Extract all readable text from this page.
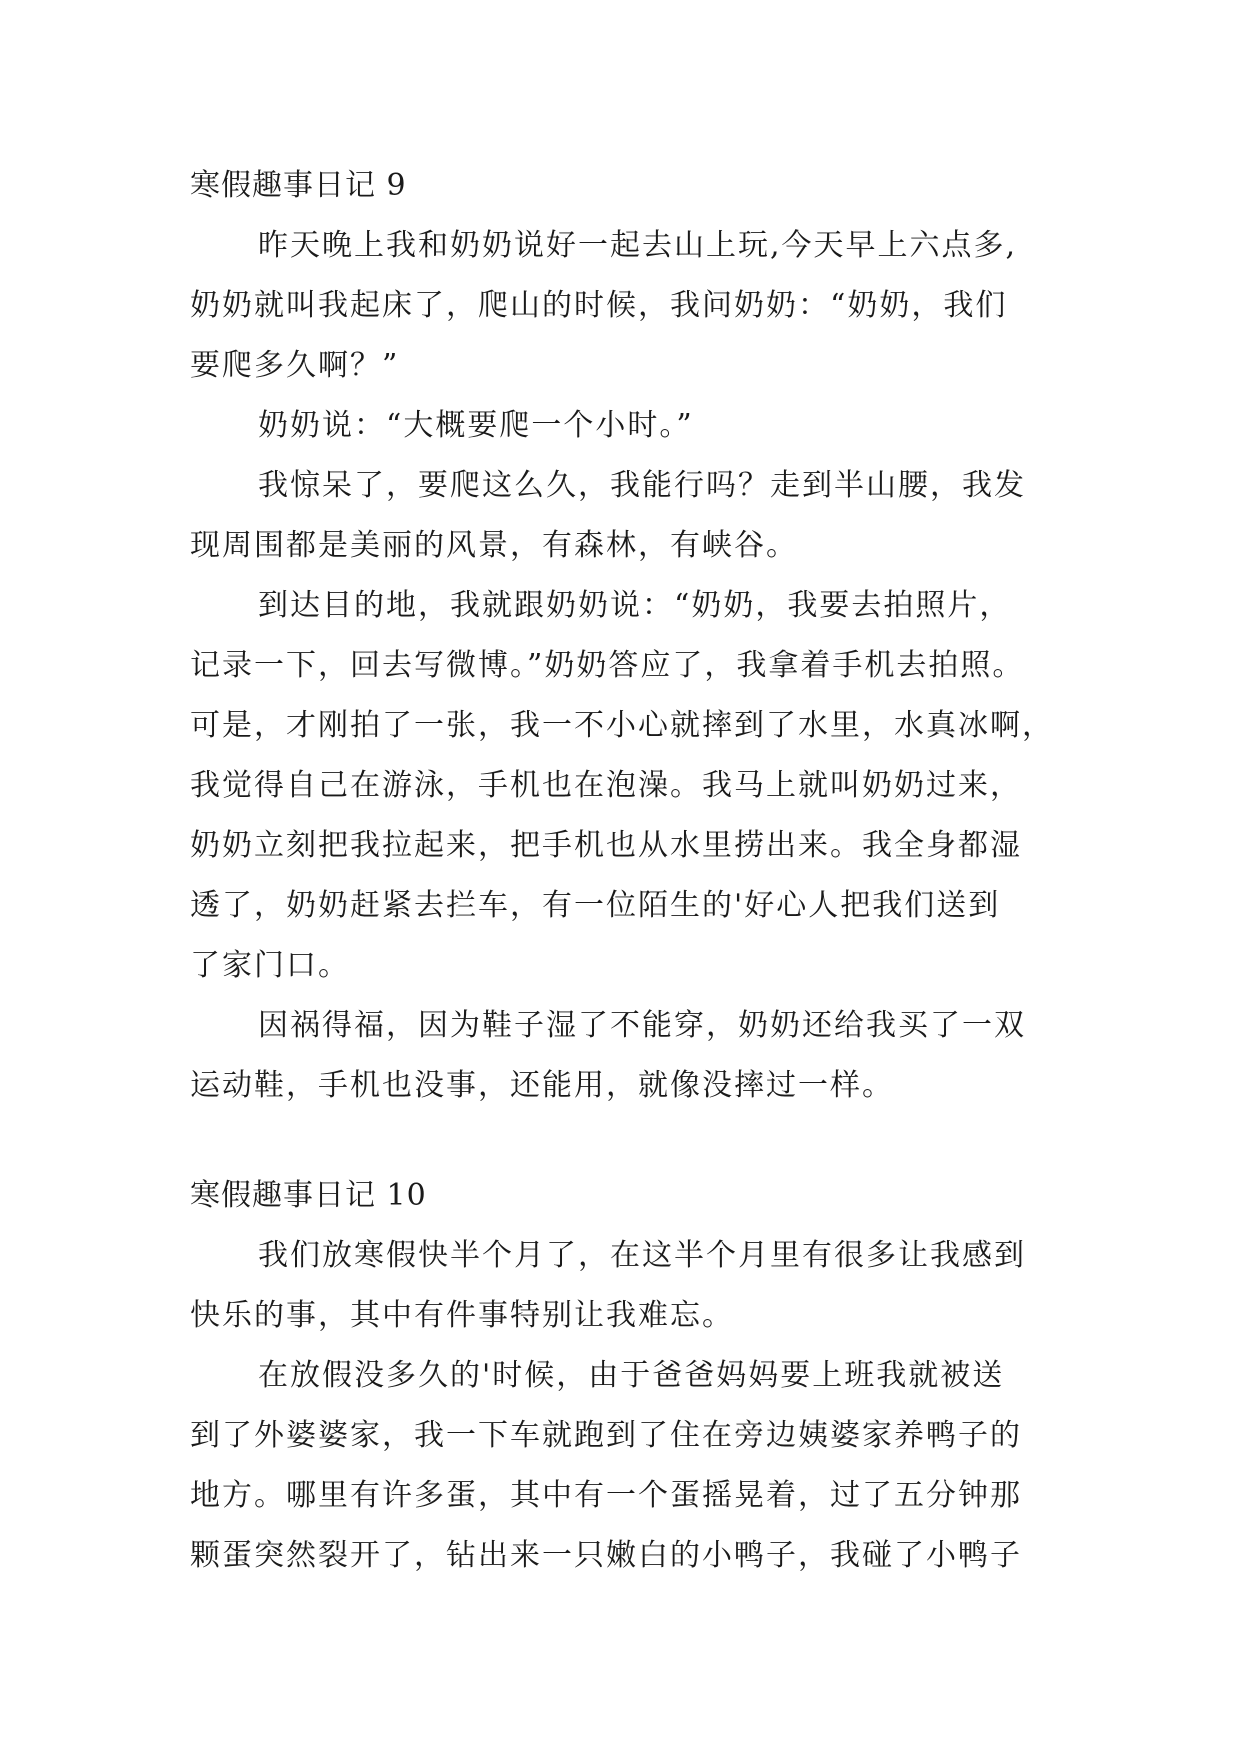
寒假趣事日记 9
昨天晚上我和奶奶说好一起去山上玩,今天早上六点多,
奶奶就叫我起床了，爬山的时候，我问奶奶：“奶奶，我们
要爬多久啊？”
奶奶说：“大概要爬一个小时。”
我惊呆了，要爬这么久，我能行吗？走到半山腰，我发
现周围都是美丽的风景，有森林，有峡谷。
到达目的地，我就跟奶奶说：“奶奶，我要去拍照片，
记录一下，回去写微博。”奶奶答应了，我拿着手机去拍照。
可是，才刚拍了一张，我一不小心就摔到了水里，水真冰啊，
我觉得自己在游泳，手机也在泡澡。我马上就叫奶奶过来，
奶奶立刻把我拉起来，把手机也从水里捞出来。我全身都湿
透了，奶奶赶紧去拦车，有一位陌生的'好心人把我们送到
了家门口。
因祸得福，因为鞋子湿了不能穿，奶奶还给我买了一双
运动鞋，手机也没事，还能用，就像没摔过一样。
寒假趣事日记 10
我们放寒假快半个月了，在这半个月里有很多让我感到
快乐的事，其中有件事特别让我难忘。
在放假没多久的'时候，由于爸爸妈妈要上班我就被送
到了外婆婆家，我一下车就跑到了住在旁边姨婆家养鸭子的
地方。哪里有许多蛋，其中有一个蛋摇晃着，过了五分钟那
颗蛋突然裂开了，钻出来一只嫩白的小鸭子，我碰了小鸭子
